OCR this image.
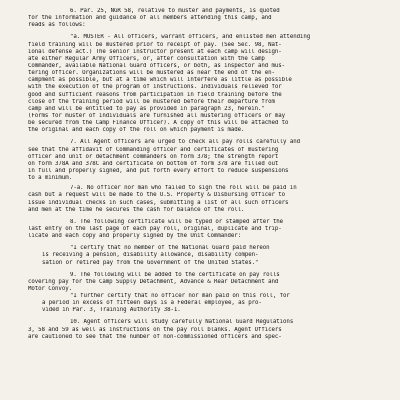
6. Par. 25, NGR 58, relative to muster and payments, is quoted
for the information and guidance of all members attending this camp, and
reads as follows:
"a. MUSTER - All officers, warrant officers, and enlisted men attending
field training will be mustered prior to receipt of pay. (See Sec. 98, Nat-
ional defense act.) The senior instructor present at each camp will design-
ate either Regular Army Officers, or, after consultation with the Camp
Commander, available National Guard officers, or both, as inspector and mus-
tering officer. Organizations will be mustered as near the end of the en-
campment as possible, but at a time which will interfere as little as possible
with the execution of the program of instructions. Individuals relieved for
good and sufficient reasons from participation in field training before the
close of the training period will be mustered before their departure from
camp and will be entitled to pay as provided in paragraph 23, herein."
(Forms for muster of individuals are furnished all mustering officers or may
be secured from the Camp Finance Officer). A copy of this will be attached to
the original and each copy of the roll on which payment is made.
7. All Agent officers are urged to check all pay rolls carefully and
see that the affidavit of Commanding officer and certificates of mustering
officer and unit or detachment commanders on form 378; the strength report
on form 378A and 378C and certificate on bottom of form 378 are filled out
in full and properly signed, and put forth every effort to reduce suspensions
to a minimum.
7-a. No officer nor man who failed to sign the roll will be paid in
cash but a request will be made to the U.S. Property & Disbursing Officer to
issue individual checks in such cases, submitting a list of all such officers
and men at the time he secures the cash for balance of the roll.
8. The following certificate will be typed or stamped after the
last entry on the last page of each pay roll, original, duplicate and trip-
licate and each copy and properly signed by the Unit Commander:
"I certify that no member of the National Guard paid hereon
is receiving a pension, disability allowance, disability compen-
sation or retired pay from the Government of the United States."
9. The following will be added to the certificate on pay rolls
covering pay for the Camp Supply Detachment, Advance & Rear Detachment and
Motor Convoy.
"I further certify that no officer nor man paid on this roll, for
a period in excess of fifteen days is a Federal employee, as pro-
vided in Par. 3, Training Authority 38-1.
10. Agent officers will study carefully National Guard Regulations
3, 58 and 59 as well as instructions on the pay roll blanks. Agent Officers
are cautioned to see that the number of non-commissioned officers and spec-
